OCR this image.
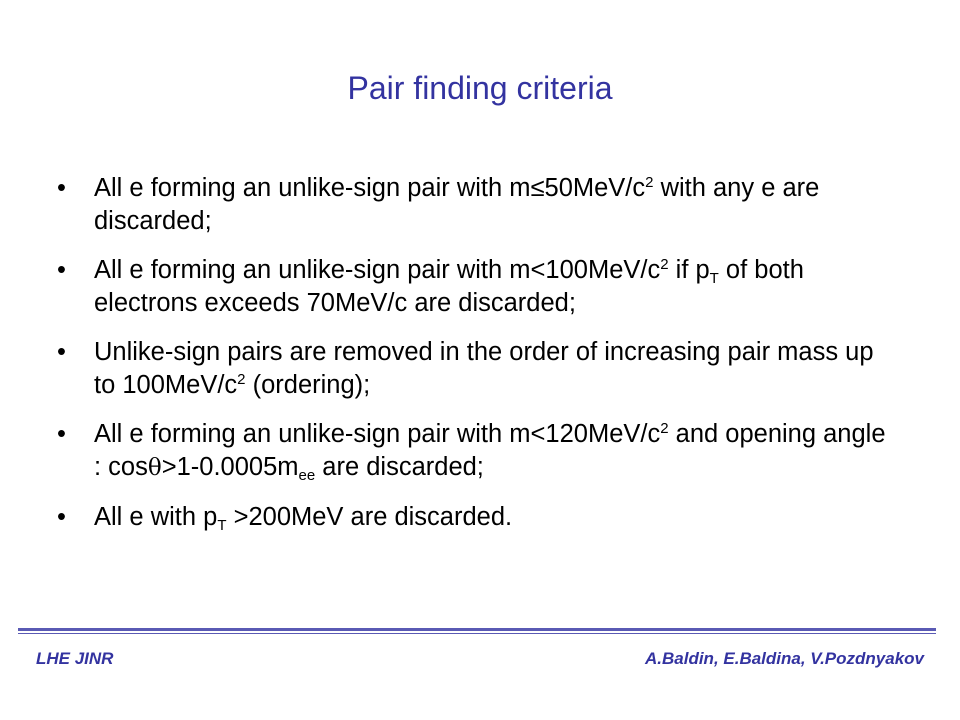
Pair finding criteria
• All e forming an unlike-sign pair with $m\le 50MeV/c^2$ with any e are discarded;
• All e forming an unlike-sign pair with $m<100MeV/c^2$ if $p_T$ of both electrons exceeds 70MeV/c are discarded;
• Unlike-sign pairs are removed in the order of increasing pair mass up to $100MeV/c^2$ (ordering);
• All e forming an unlike-sign pair with $m<120MeV/c^2$ and opening angle : $\cos\theta>1-0.0005m_{ee}$ are discarded;
• All e with $p_T >200MeV$ are discarded.
LHE JINR	A.Baldin, E.Baldina, V.Pozdnyakov
